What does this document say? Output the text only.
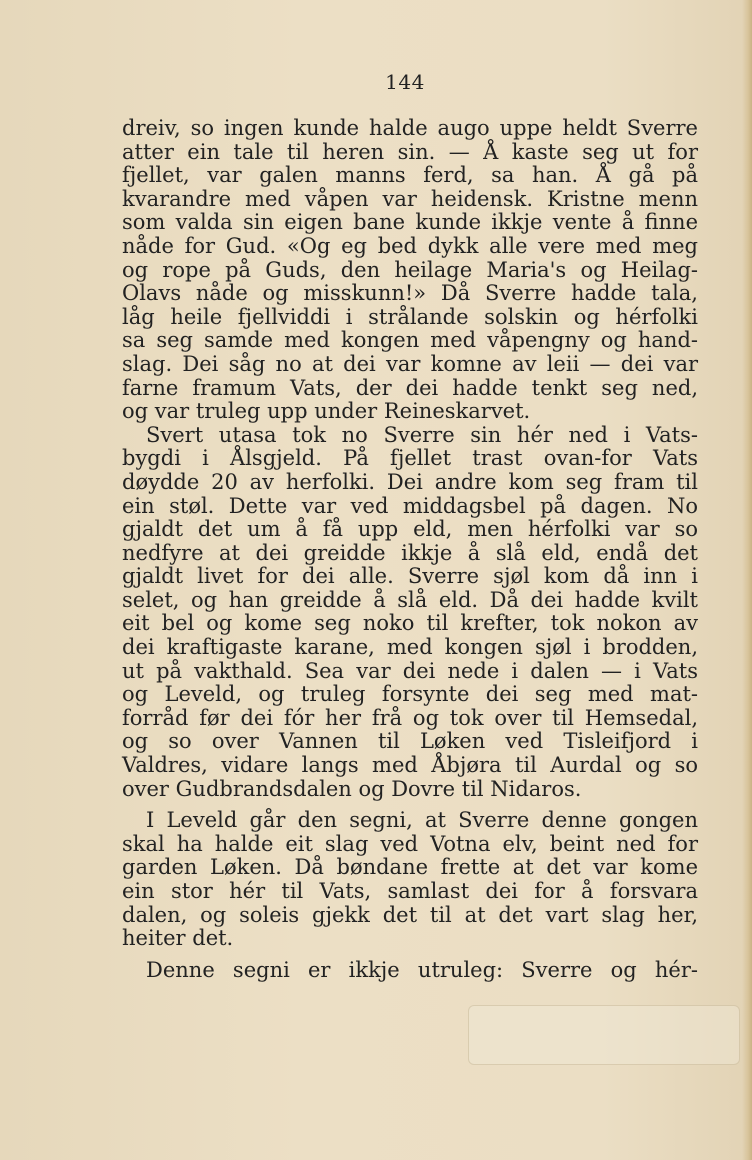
144
dreiv, so ingen kunde halde augo uppe heldt Sverre
atter ein tale til heren sin. — Å kaste seg ut for
fjellet, var galen manns ferd, sa han. Å gå på
kvarandre med våpen var heidensk. Kristne menn
som valda sin eigen bane kunde ikkje vente å finne
nåde for Gud. «Og eg bed dykk alle vere med meg
og rope på Guds, den heilage Maria's og Heilag-
Olavs nåde og misskunn!» Då Sverre hadde tala,
låg heile fjellviddi i strålande solskin og hérfolki
sa seg samde med kongen med våpengny og hand-
slag. Dei såg no at dei var komne av leii — dei var
farne framum Vats, der dei hadde tenkt seg ned,
og var truleg upp under Reineskarvet.
Svert utasa tok no Sverre sin hér ned i Vats-
bygdi i Ålsgjeld. På fjellet trast ovan-for Vats
døydde 20 av herfolki. Dei andre kom seg fram til
ein støl. Dette var ved middagsbel på dagen. No
gjaldt det um å få upp eld, men hérfolki var so
nedfyre at dei greidde ikkje å slå eld, endå det
gjaldt livet for dei alle. Sverre sjøl kom då inn i
selet, og han greidde å slå eld. Då dei hadde kvilt
eit bel og kome seg noko til krefter, tok nokon av
dei kraftigaste karane, med kongen sjøl i brodden,
ut på vakthald. Sea var dei nede i dalen — i Vats
og Leveld, og truleg forsynte dei seg med mat-
forråd før dei fór her frå og tok over til Hemsedal,
og so over Vannen til Løken ved Tisleifjord i
Valdres, vidare langs med Åbjøra til Aurdal og so
over Gudbrandsdalen og Dovre til Nidaros.
I Leveld går den segni, at Sverre denne gongen
skal ha halde eit slag ved Votna elv, beint ned for
garden Løken. Då bøndane frette at det var kome
ein stor hér til Vats, samlast dei for å forsvara
dalen, og soleis gjekk det til at det vart slag her,
heiter det.
Denne segni er ikkje utruleg: Sverre og hér-
